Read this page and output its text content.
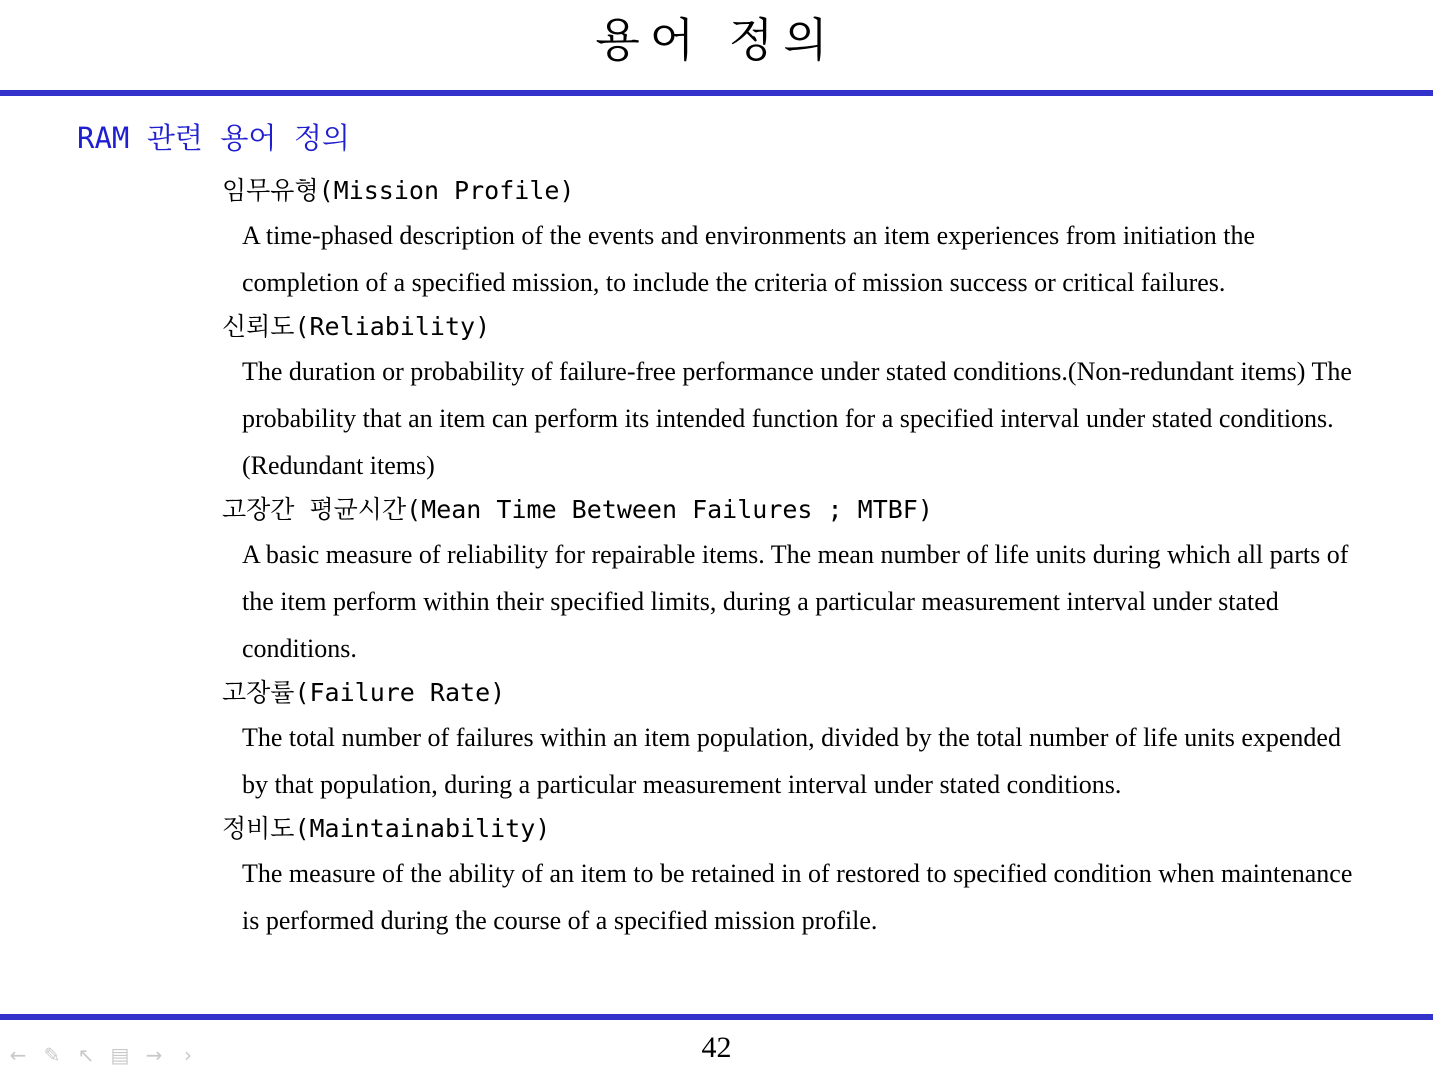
용어 정의
RAM 관련 용어 정의
임무유형(Mission Profile)
A time-phased description of the events and environments an item experiences from initiation the completion of a specified mission, to include the criteria of mission success or critical failures.
신뢰도(Reliability)
The duration or probability of failure-free performance under stated conditions.(Non-redundant items) The probability that an item can perform its intended function for a specified interval under stated conditions. (Redundant items)
고장간 평균시간(Mean Time Between Failures ; MTBF)
A basic measure of reliability for repairable items. The mean number of life units during which all parts of the item perform within their specified limits, during a particular measurement interval under stated conditions.
고장률(Failure Rate)
The total number of failures within an item population, divided by the total number of life units expended by that population, during a particular measurement interval under stated conditions.
정비도(Maintainability)
The measure of the ability of an item to be retained in of restored to specified condition when maintenance is performed during the course of a specified mission profile.
42
← ✎ ↖ ▤ →	›
